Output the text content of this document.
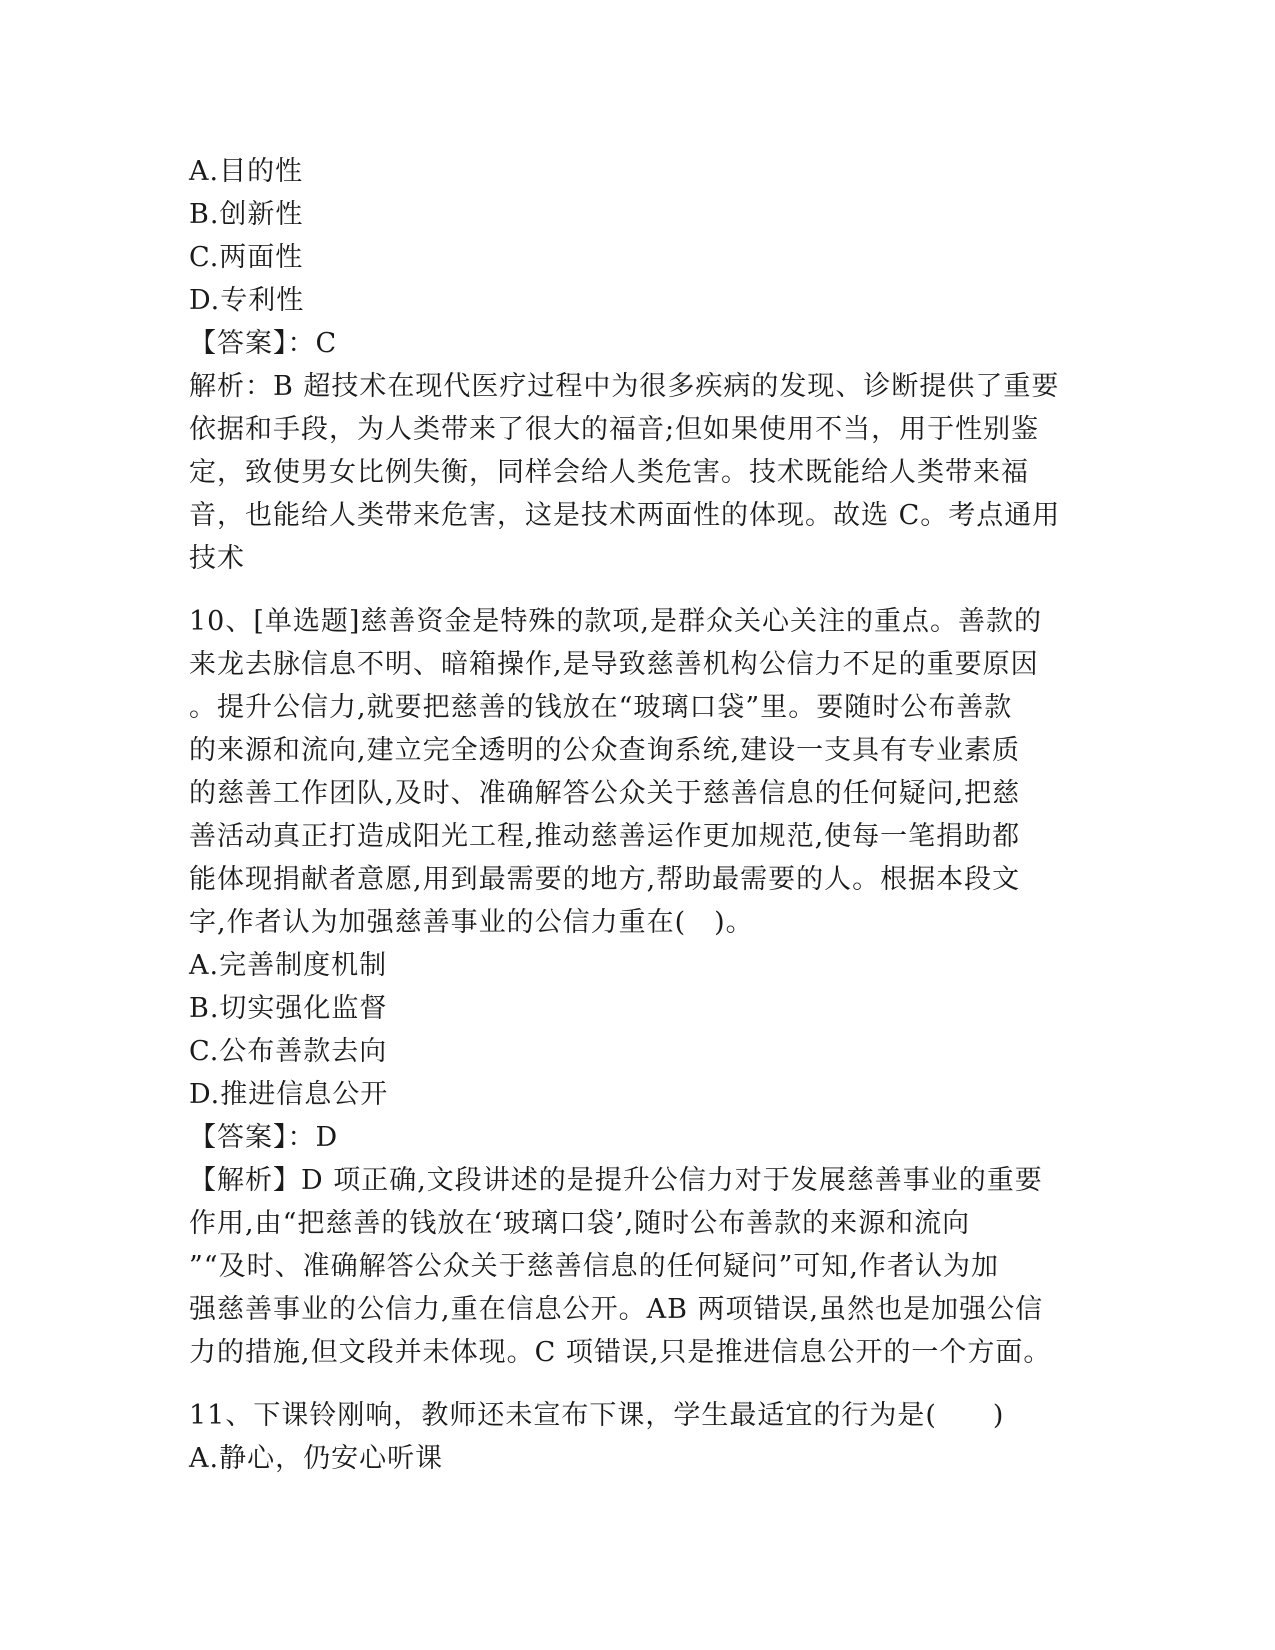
A.目的性
B.创新性
C.两面性
D.专利性
【答案】：C
解析：B 超技术在现代医疗过程中为很多疾病的发现、诊断提供了重要
依据和手段，为人类带来了很大的福音;但如果使用不当，用于性别鉴
定，致使男女比例失衡，同样会给人类危害。技术既能给人类带来福
音，也能给人类带来危害，这是技术两面性的体现。故选 C。考点通用
技术
10、[单选题]慈善资金是特殊的款项,是群众关心关注的重点。善款的
来龙去脉信息不明、暗箱操作,是导致慈善机构公信力不足的重要原因
。提升公信力,就要把慈善的钱放在“玻璃口袋”里。要随时公布善款
的来源和流向,建立完全透明的公众查询系统,建设一支具有专业素质
的慈善工作团队,及时、准确解答公众关于慈善信息的任何疑问,把慈
善活动真正打造成阳光工程,推动慈善运作更加规范,使每一笔捐助都
能体现捐献者意愿,用到最需要的地方,帮助最需要的人。根据本段文
字,作者认为加强慈善事业的公信力重在(　)。
A.完善制度机制
B.切实强化监督
C.公布善款去向
D.推进信息公开
【答案】：D
【解析】D 项正确,文段讲述的是提升公信力对于发展慈善事业的重要
作用,由“把慈善的钱放在‘玻璃口袋’,随时公布善款的来源和流向
”“及时、准确解答公众关于慈善信息的任何疑问”可知,作者认为加
强慈善事业的公信力,重在信息公开。AB 两项错误,虽然也是加强公信
力的措施,但文段并未体现。C 项错误,只是推进信息公开的一个方面。
11、下课铃刚响，教师还未宣布下课，学生最适宜的行为是(　　)
A.静心，仍安心听课
